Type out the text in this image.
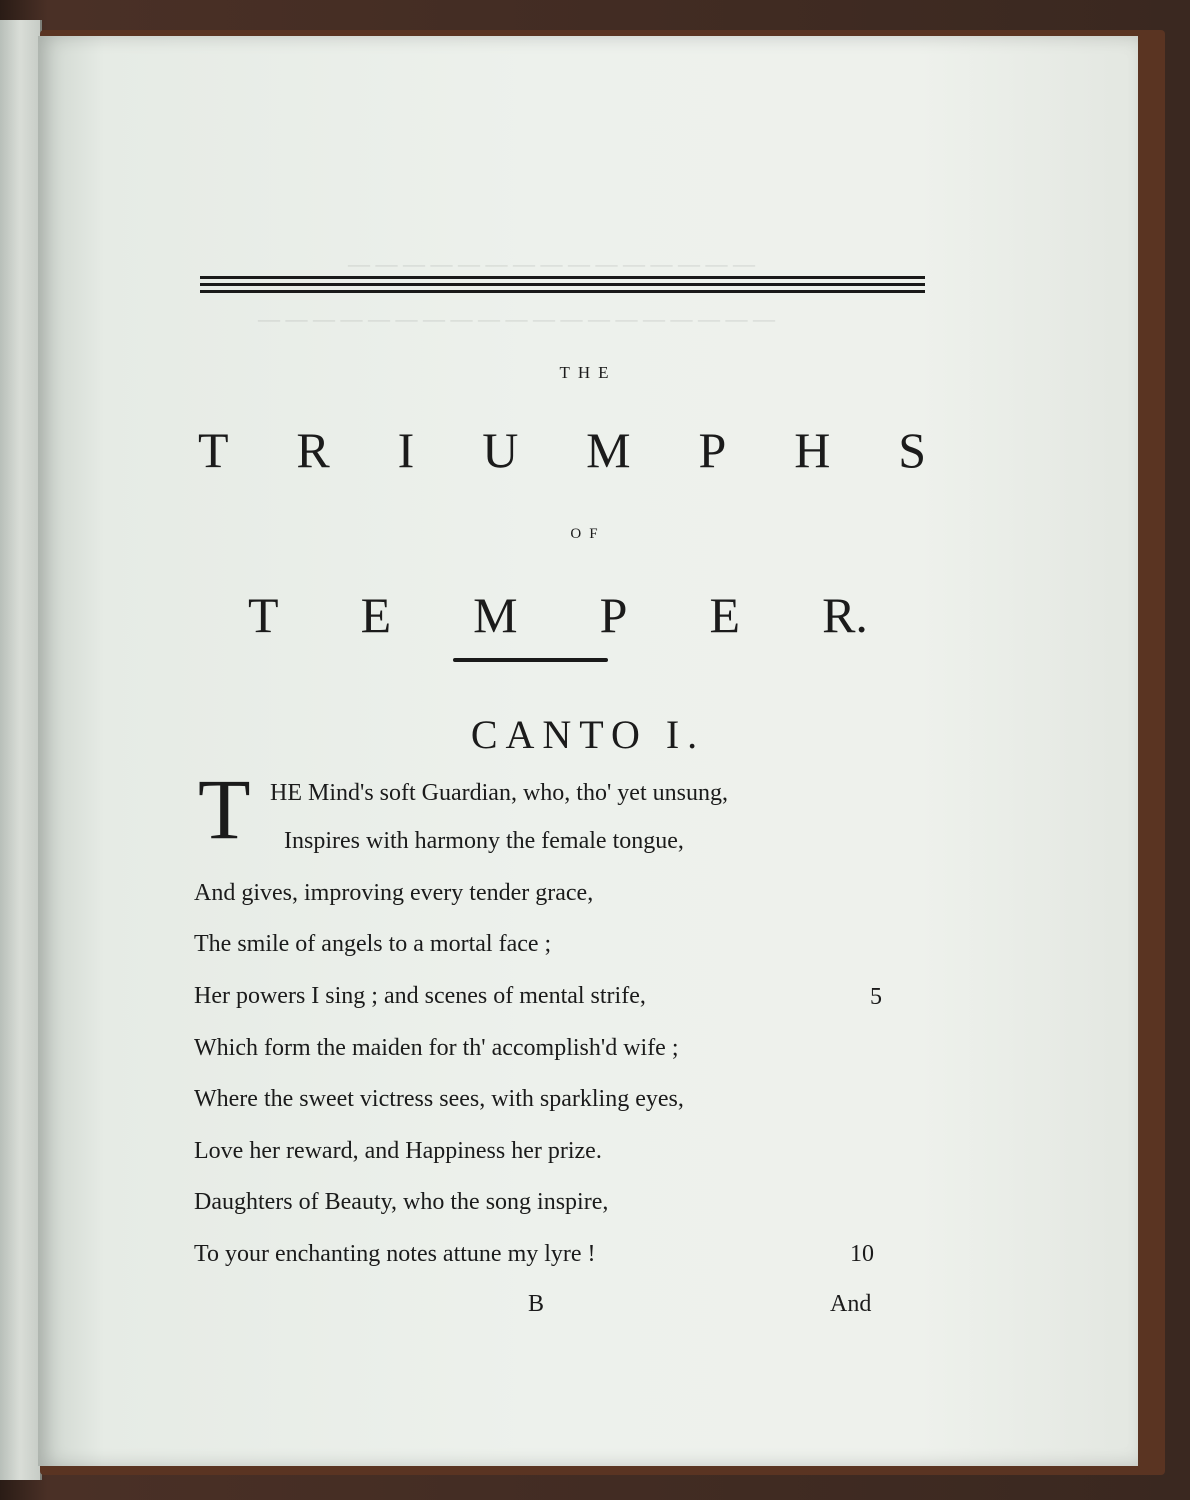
— — — — — — — — — — — — — — —
— — — — — — — — — — — — — — — — — — —
THE
T R I U M P H S
OF
T E M P E R.
CANTO I.
T HE Mind's soft Guardian, who, tho' yet unsung,
Inspires with harmony the female tongue,
And gives, improving every tender grace,
The smile of angels to a mortal face ;
Her powers I sing ; and scenes of mental strife,	5
Which form the maiden for th' accomplish'd wife ;
Where the sweet victress sees, with sparkling eyes,
Love her reward, and Happiness her prize.
Daughters of Beauty, who the song inspire,
To your enchanting notes attune my lyre !	10
B	And
